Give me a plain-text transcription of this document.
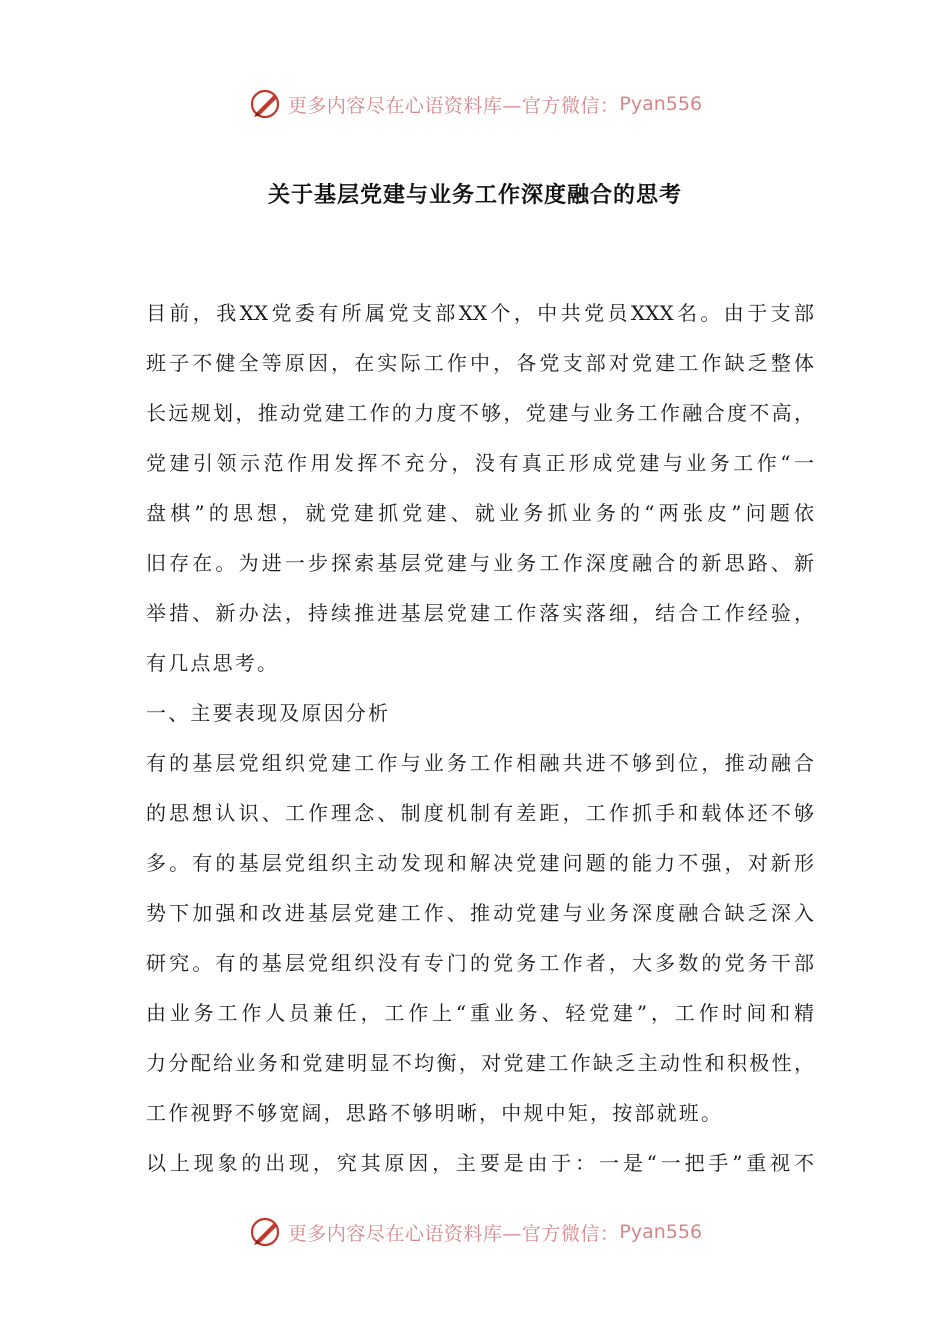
更多内容尽在心语资料库—官方微信： Pyan556
关于基层党建与业务工作深度融合的思考
目前，我XX党委有所属党支部XX个，中共党员XXX名。由于支部
班子不健全等原因，在实际工作中，各党支部对党建工作缺乏整体
长远规划，推动党建工作的力度不够，党建与业务工作融合度不高，
党建引领示范作用发挥不充分，没有真正形成党建与业务工作“一
盘棋”的思想，就党建抓党建、就业务抓业务的“两张皮”问题依
旧存在。为进一步探索基层党建与业务工作深度融合的新思路、新
举措、新办法，持续推进基层党建工作落实落细，结合工作经验，
有几点思考。
一、主要表现及原因分析
有的基层党组织党建工作与业务工作相融共进不够到位，推动融合
的思想认识、工作理念、制度机制有差距，工作抓手和载体还不够
多。有的基层党组织主动发现和解决党建问题的能力不强，对新形
势下加强和改进基层党建工作、推动党建与业务深度融合缺乏深入
研究。有的基层党组织没有专门的党务工作者，大多数的党务干部
由业务工作人员兼任，工作上“重业务、轻党建”，工作时间和精
力分配给业务和党建明显不均衡，对党建工作缺乏主动性和积极性，
工作视野不够宽阔，思路不够明晰，中规中矩，按部就班。
以上现象的出现，究其原因，主要是由于：一是“一把手”重视不
更多内容尽在心语资料库—官方微信： Pyan556
